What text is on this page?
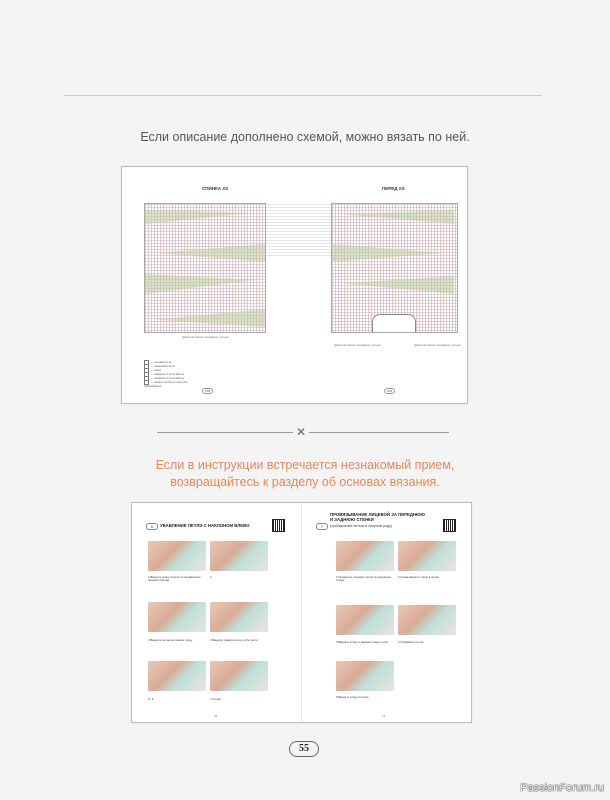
Если описание дополнено схемой, можно вязать по ней.
СПИНКА XS	ПЕРЕД XS
Набор 16 петель (изнаночн.) петель
Набор 16 петель (изнаночн.) петель	Набор 16 петель (изнаночн.) петель
— лицевая петля
— изнаночная петля
— накид
— провязать 2 петли вместе
— провязать 2 петли вместе
— закрыть петлю по схеме (без провязывания)
108	109
✕
Если в инструкции встречается незнакомый прием,
возвращайтесь к разделу об основах вязания.
6	УБАВЛЕНИЕ ПЕТЛИ С НАКЛОНОМ ВЛЕВО	7
ПРОВЯЗЫВАНИЕ ЛИЦЕВОЙ ЗА ПЕРЕДНЮЮ
И ЗАДНЮЮ СТЕНКИ
(прибавление петель в лицевом ряду)
1 Введите спицу в петлю в направлении нижней стороны
2
3 Введите петлю на правую спицу.	4 Введите правую спицу в обе петли.
5 / 6	7 Готово.
1 Проведите лицевую петлю за переднюю стенку.
2 Снова введите спицу в петлю.
3 Введите спицу в заднюю стенку петли.	4 Провяжите петлю.
5 Введите спицу в петлю.
70	71
55
PassionForum.ru
